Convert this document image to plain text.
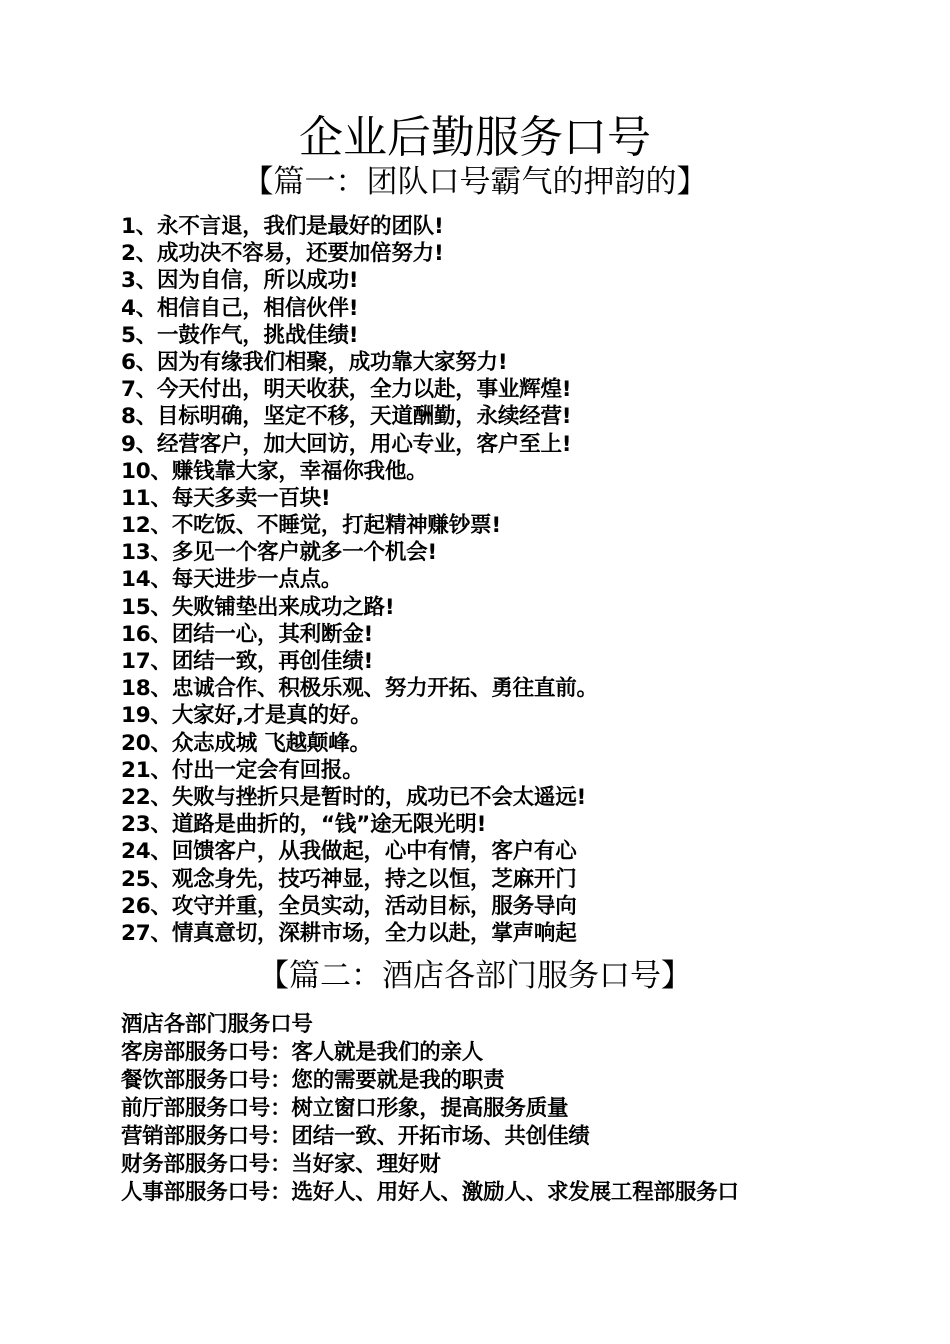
企业后勤服务口号
【篇一：团队口号霸气的押韵的】
1、永不言退，我们是最好的团队!
2、成功决不容易，还要加倍努力!
3、因为自信，所以成功!
4、相信自己，相信伙伴!
5、一鼓作气，挑战佳绩!
6、因为有缘我们相聚，成功靠大家努力!
7、今天付出，明天收获，全力以赴，事业辉煌!
8、目标明确，坚定不移，天道酬勤，永续经营!
9、经营客户，加大回访，用心专业，客户至上!
10、赚钱靠大家，幸福你我他。
11、每天多卖一百块!
12、不吃饭、不睡觉，打起精神赚钞票!
13、多见一个客户就多一个机会!
14、每天进步一点点。
15、失败铺垫出来成功之路!
16、团结一心，其利断金!
17、团结一致，再创佳绩!
18、忠诚合作、积极乐观、努力开拓、勇往直前。
19、大家好,才是真的好。
20、众志成城 飞越颠峰。
21、付出一定会有回报。
22、失败与挫折只是暂时的，成功已不会太遥远!
23、道路是曲折的，“钱”途无限光明!
24、回馈客户，从我做起，心中有情，客户有心
25、观念身先，技巧神显，持之以恒，芝麻开门
26、攻守并重，全员实动，活动目标，服务导向
27、情真意切，深耕市场，全力以赴，掌声响起
【篇二：酒店各部门服务口号】
酒店各部门服务口号
客房部服务口号：客人就是我们的亲人
餐饮部服务口号：您的需要就是我的职责
前厅部服务口号：树立窗口形象，提高服务质量
营销部服务口号：团结一致、开拓市场、共创佳绩
财务部服务口号：当好家、理好财
人事部服务口号：选好人、用好人、激励人、求发展工程部服务口
